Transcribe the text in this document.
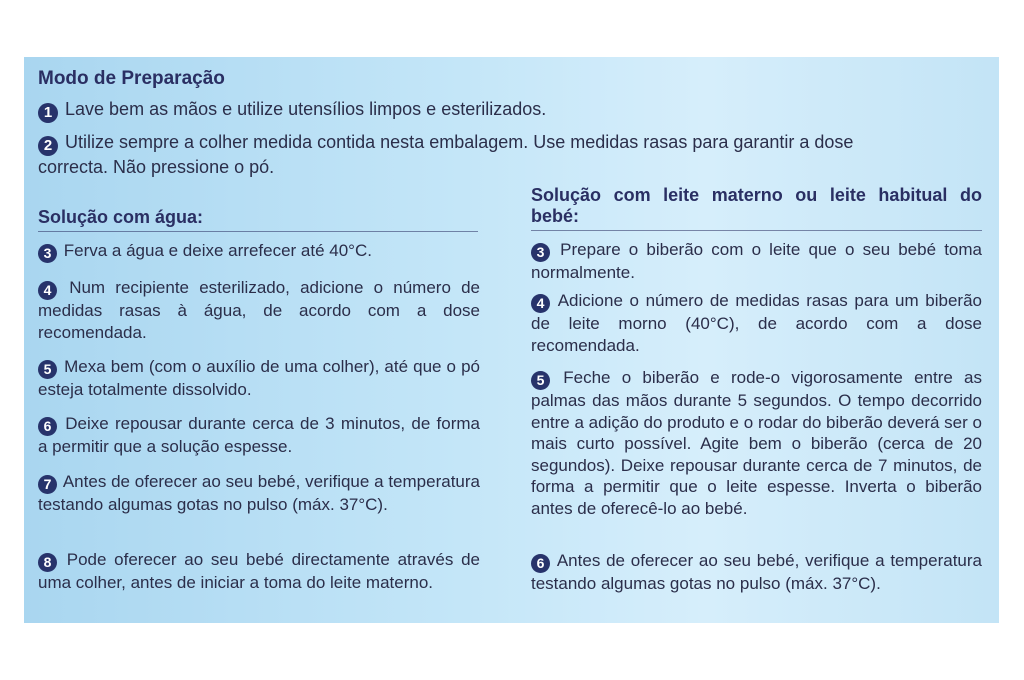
Modo de Preparação
1 Lave bem as mãos e utilize utensílios limpos e esterilizados.
2 Utilize sempre a colher medida contida nesta embalagem. Use medidas rasas para garantir a dose correcta. Não pressione o pó.
Solução com água:
3 Ferva a água e deixe arrefecer até 40°C.
4 Num recipiente esterilizado, adicione o número de medidas rasas à água, de acordo com a dose recomendada.
5 Mexa bem (com o auxílio de uma colher), até que o pó esteja totalmente dissolvido.
6 Deixe repousar durante cerca de 3 minutos, de forma a permitir que a solução espesse.
7 Antes de oferecer ao seu bebé, verifique a temperatura testando algumas gotas no pulso (máx. 37°C).
8 Pode oferecer ao seu bebé directamente através de uma colher, antes de iniciar a toma do leite materno.
Solução com leite materno ou leite habitual do bebé:
3 Prepare o biberão com o leite que o seu bebé toma normalmente.
4 Adicione o número de medidas rasas para um biberão de leite morno (40°C), de acordo com a dose recomendada.
5 Feche o biberão e rode-o vigorosamente entre as palmas das mãos durante 5 segundos. O tempo decorrido entre a adição do produto e o rodar do biberão deverá ser o mais curto possível. Agite bem o biberão (cerca de 20 segundos). Deixe repousar durante cerca de 7 minutos, de forma a permitir que o leite espesse. Inverta o biberão antes de oferecê-lo ao bebé.
6 Antes de oferecer ao seu bebé, verifique a temperatura testando algumas gotas no pulso (máx. 37°C).
